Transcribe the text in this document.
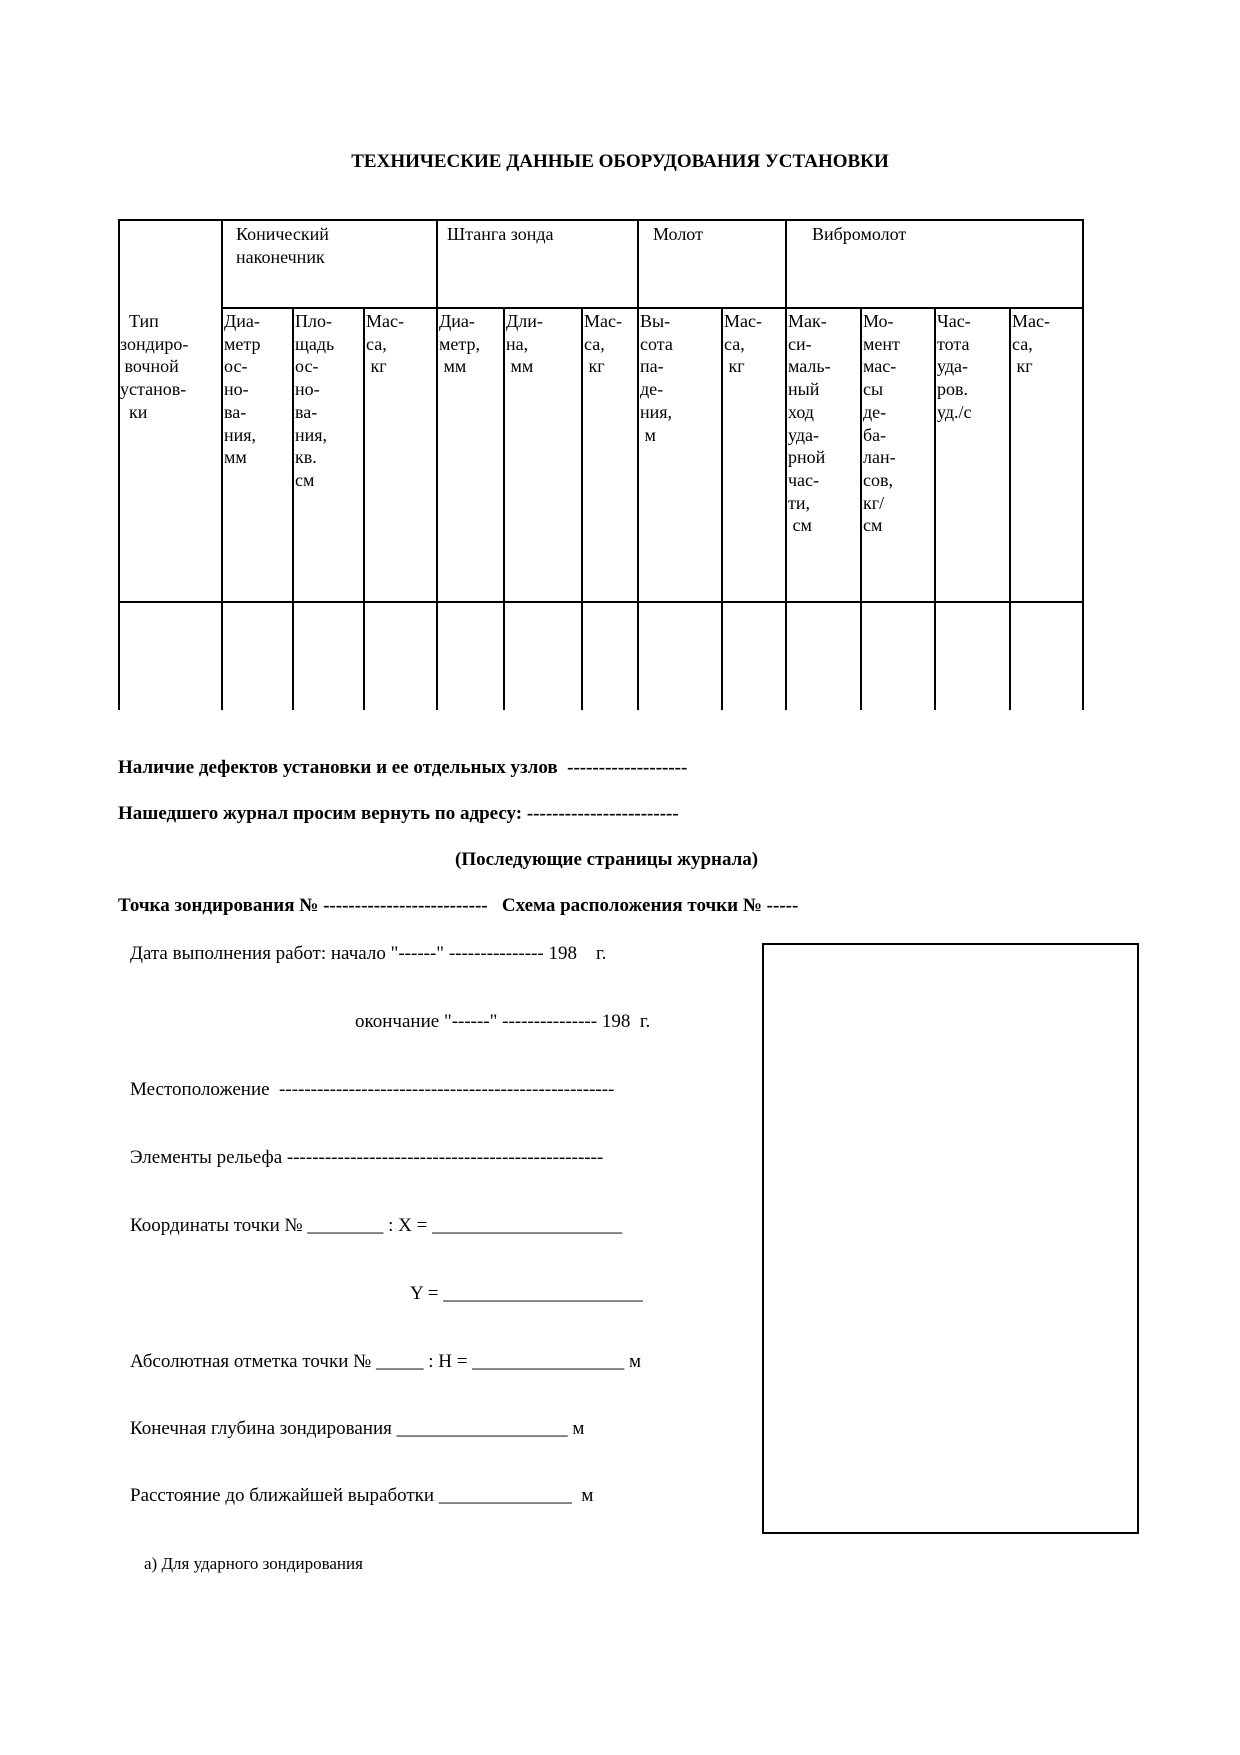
ТЕХНИЧЕСКИЕ ДАННЫЕ ОБОРУДОВАНИЯ УСТАНОВКИ
Конический
наконечник
Штанга зонда	Молот	Вибромолот
Тип
зондиро-
вочной
установ-
ки
Диа-
метр
ос-
но-
ва-
ния,
мм
Пло-
щадь
ос-
но-
ва-
ния,
кв.
см
Мас-
са,
кг
Диа-
метр,
мм
Дли-
на,
мм
Мас-
са,
кг
Вы-
сота
па-
де-
ния,
м
Мас-
са,
кг
Мак-
си-
маль-
ный
ход
уда-
рной
час-
ти,
см
Мо-
мент
мас-
сы
де-
ба-
лан-
сов,
кг/
см
Час-
тота
уда-
ров.
уд./с
Мас-
са,
кг
Наличие дефектов установки и ее отдельных узлов  -------------------
Нашедшего журнал просим вернуть по адресу: ------------------------
(Последующие страницы журнала)
Точка зондирования № --------------------------   Схема расположения точки № -----
Дата выполнения работ: начало "------" --------------- 198    г.
окончание "------" --------------- 198  г.
Местоположение  -----------------------------------------------------
Элементы рельефа --------------------------------------------------
Координаты точки № ________ : X = ____________________
Y = _____________________
Абсолютная отметка точки № _____ : H = ________________ м
Конечная глубина зондирования __________________ м
Расстояние до ближайшей выработки ______________  м
а) Для ударного зондирования
